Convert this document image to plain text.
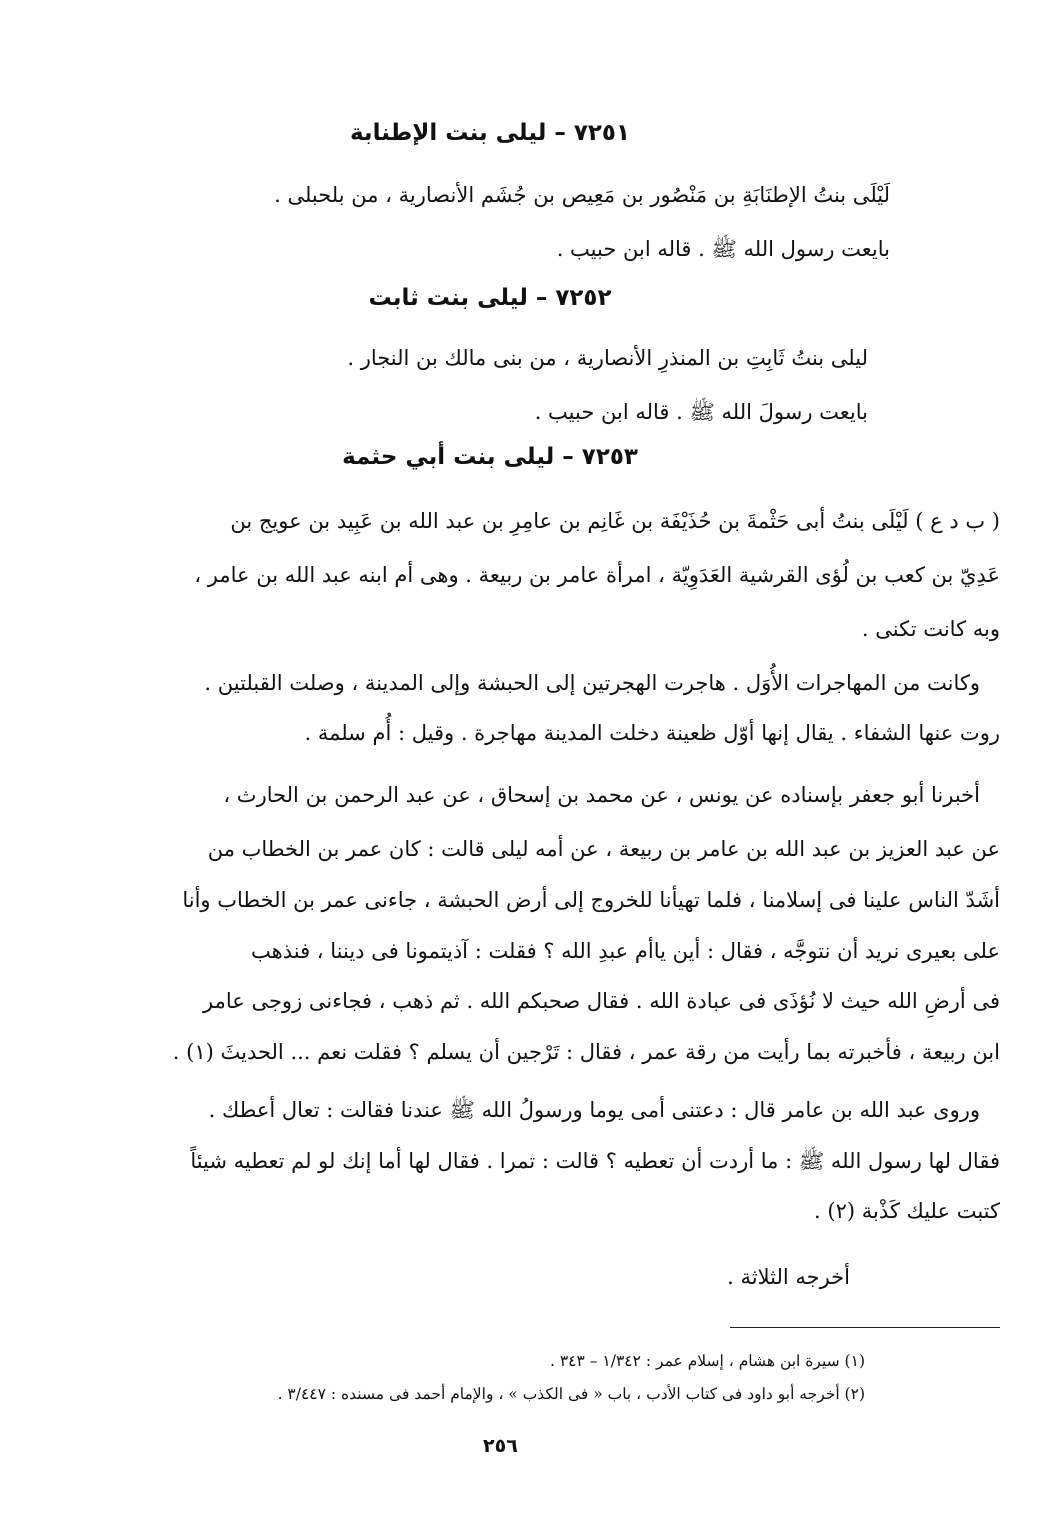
٧٢٥١ – ليلى بنت الإطنابة
لَيْلَى بنتُ الإطنَابَةِ بن مَنْصُور بن مَعِيص بن جُشَم الأنصارية ، من بلحبلى .
بايعت رسول الله ﷺ . قاله ابن حبيب .
٧٢٥٢ – ليلى بنت ثابت
ليلى بنتُ ثَابِتِ بن المنذرِ الأنصارية ، من بنى مالك بن النجار .
بايعت رسولَ الله ﷺ . قاله ابن حبيب .
٧٢٥٣ – ليلى بنت أبي حثمة
( ب د ع ) لَيْلَى بنتُ أبى حَثْمةَ بن حُذَيْفَة بن غَانِم بن عامِرِ بن عبد الله بن عَبِيد بن عويج بن
عَدِيّ بن كعب بن لُؤى القرشية العَدَوِيّة ، امرأة عامر بن ربيعة . وهى أم ابنه عبد الله بن عامر ،
وبه كانت تكنى .
وكانت من المهاجرات الأُوَل . هاجرت الهجرتين إلى الحبشة وإلى المدينة ، وصلت القبلتين .
روت عنها الشفاء . يقال إنها أوّل ظعينة دخلت المدينة مهاجرة . وقيل : أُم سلمة .
أخبرنا أبو جعفر بإسناده عن يونس ، عن محمد بن إسحاق ، عن عبد الرحمن بن الحارث ،
عن عبد العزيز بن عبد الله بن عامر بن ربيعة ، عن أمه ليلى قالت : كان عمر بن الخطاب من
أشَدّ الناس علينا فى إسلامنا ، فلما تهيأنا للخروج إلى أرض الحبشة ، جاءنى عمر بن الخطاب وأنا
على بعيرى نريد أن نتوجَّه ، فقال : أين ياأم عبدِ الله ؟ فقلت : آذيتمونا فى ديننا ، فنذهب
فى أرضِ الله حيث لا نُؤذَى فى عبادة الله . فقال صحبكم الله . ثم ذهب ، فجاءنى زوجى عامر
ابن ربيعة ، فأخبرته بما رأيت من رقة عمر ، فقال : تَرْجين أن يسلم ؟ فقلت نعم ... الحديثَ (١) .
وروى عبد الله بن عامر قال : دعتنى أمى يوما ورسولُ الله ﷺ عندنا فقالت : تعال أعطك .
فقال لها رسول الله ﷺ : ما أردت أن تعطيه ؟ قالت : تمرا . فقال لها أما إنك لو لم تعطيه شيئاً
كتبت عليك كَذْبة (٢) .
أخرجه الثلاثة .
(١) سيرة ابن هشام ، إسلام عمر : ١/٣٤٢ – ٣٤٣ .
(٢) أخرجه أبو داود فى كتاب الأدب ، باب « فى الكذب » ، والإمام أحمد فى مسنده : ٣/٤٤٧ .
٢٥٦
